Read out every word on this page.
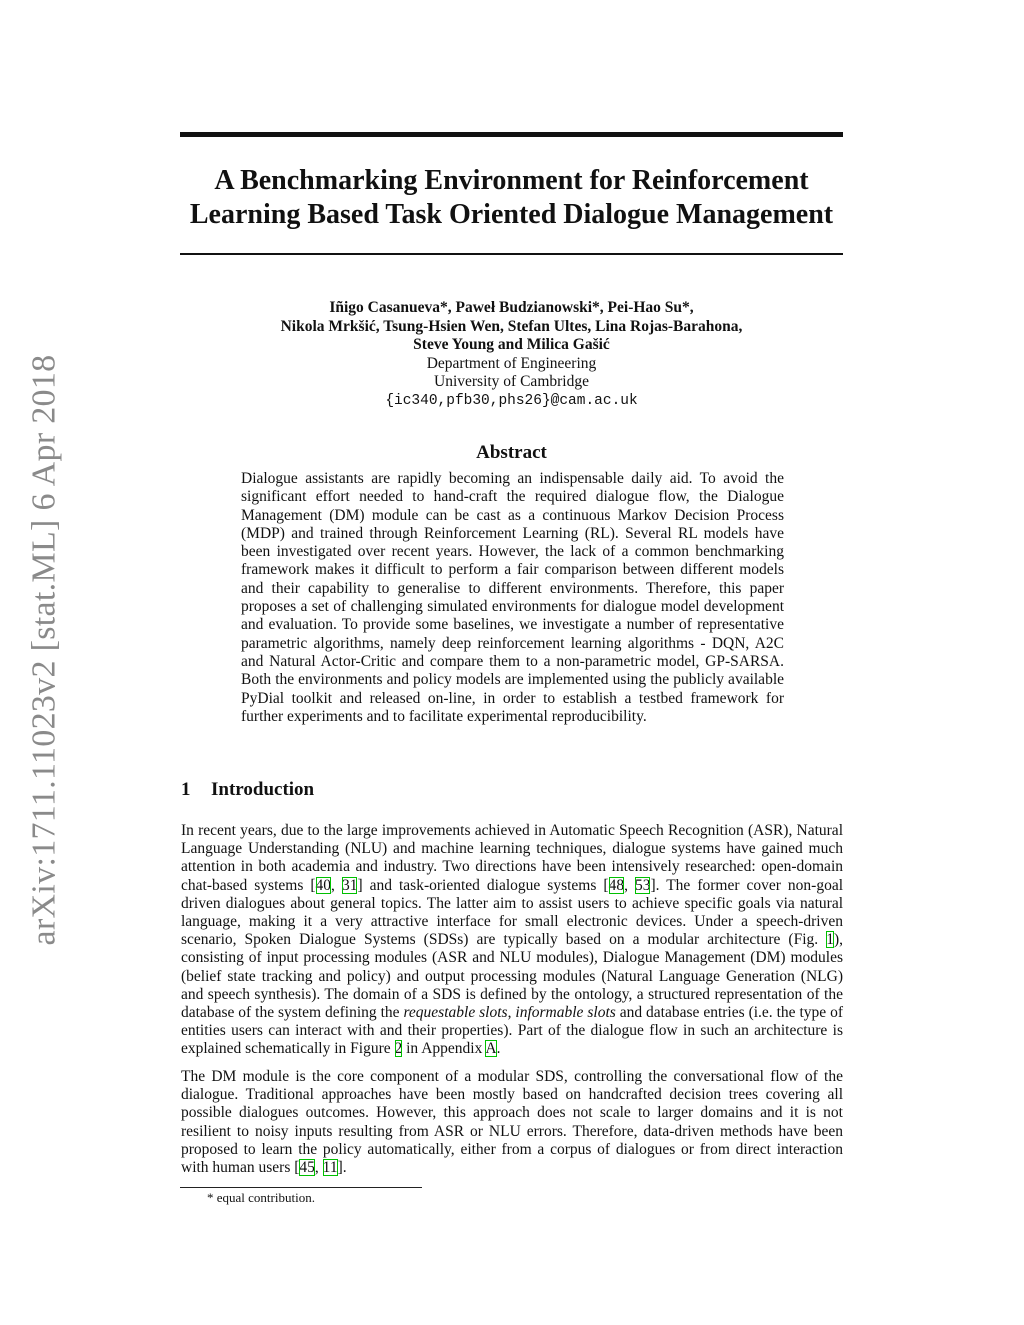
arXiv:1711.11023v2 [stat.ML] 6 Apr 2018
A Benchmarking Environment for Reinforcement
Learning Based Task Oriented Dialogue Management
Iñigo Casanueva*, Paweł Budzianowski*, Pei-Hao Su*,
Nikola Mrkšić, Tsung-Hsien Wen, Stefan Ultes, Lina Rojas-Barahona,
Steve Young and Milica Gašić
Department of Engineering
University of Cambridge
{ic340,pfb30,phs26}@cam.ac.uk
Abstract

Dialogue assistants are rapidly becoming an indispensable daily aid. To avoid the significant effort needed to hand-craft the required dialogue flow, the Dialogue Management (DM) module can be cast as a continuous Markov Decision Process (MDP) and trained through Reinforcement Learning (RL). Several RL models have been investigated over recent years. However, the lack of a common benchmarking framework makes it difficult to perform a fair comparison between different models and their capability to generalise to different environments. Therefore, this paper proposes a set of challenging simulated environments for dialogue model development and evaluation. To provide some baselines, we investigate a number of representative parametric algorithms, namely deep reinforcement learning algorithms - DQN, A2C and Natural Actor-Critic and compare them to a non-parametric model, GP-SARSA. Both the environments and policy models are implemented using the publicly available PyDial toolkit and released on-line, in order to establish a testbed framework for further experiments and to facilitate experimental reproducibility.

1 Introduction

In recent years, due to the large improvements achieved in Automatic Speech Recognition (ASR), Natural Language Understanding (NLU) and machine learning techniques, dialogue systems have gained much attention in both academia and industry. Two directions have been intensively researched: open-domain chat-based systems [40, 31] and task-oriented dialogue systems [48, 53]. The former cover non-goal driven dialogues about general topics. The latter aim to assist users to achieve specific goals via natural language, making it a very attractive interface for small electronic devices. Under a speech-driven scenario, Spoken Dialogue Systems (SDSs) are typically based on a modular architecture (Fig. 1), consisting of input processing modules (ASR and NLU modules), Dialogue Management (DM) modules (belief state tracking and policy) and output processing modules (Natural Language Generation (NLG) and speech synthesis). The domain of a SDS is defined by the ontology, a structured representation of the database of the system defining the requestable slots, informable slots and database entries (i.e. the type of entities users can interact with and their properties). Part of the dialogue flow in such an architecture is explained schematically in Figure 2 in Appendix A.

The DM module is the core component of a modular SDS, controlling the conversational flow of the dialogue. Traditional approaches have been mostly based on handcrafted decision trees covering all possible dialogues outcomes. However, this approach does not scale to larger domains and it is not resilient to noisy inputs resulting from ASR or NLU errors. Therefore, data-driven methods have been proposed to learn the policy automatically, either from a corpus of dialogues or from direct interaction with human users [45, 11].

* equal contribution.
